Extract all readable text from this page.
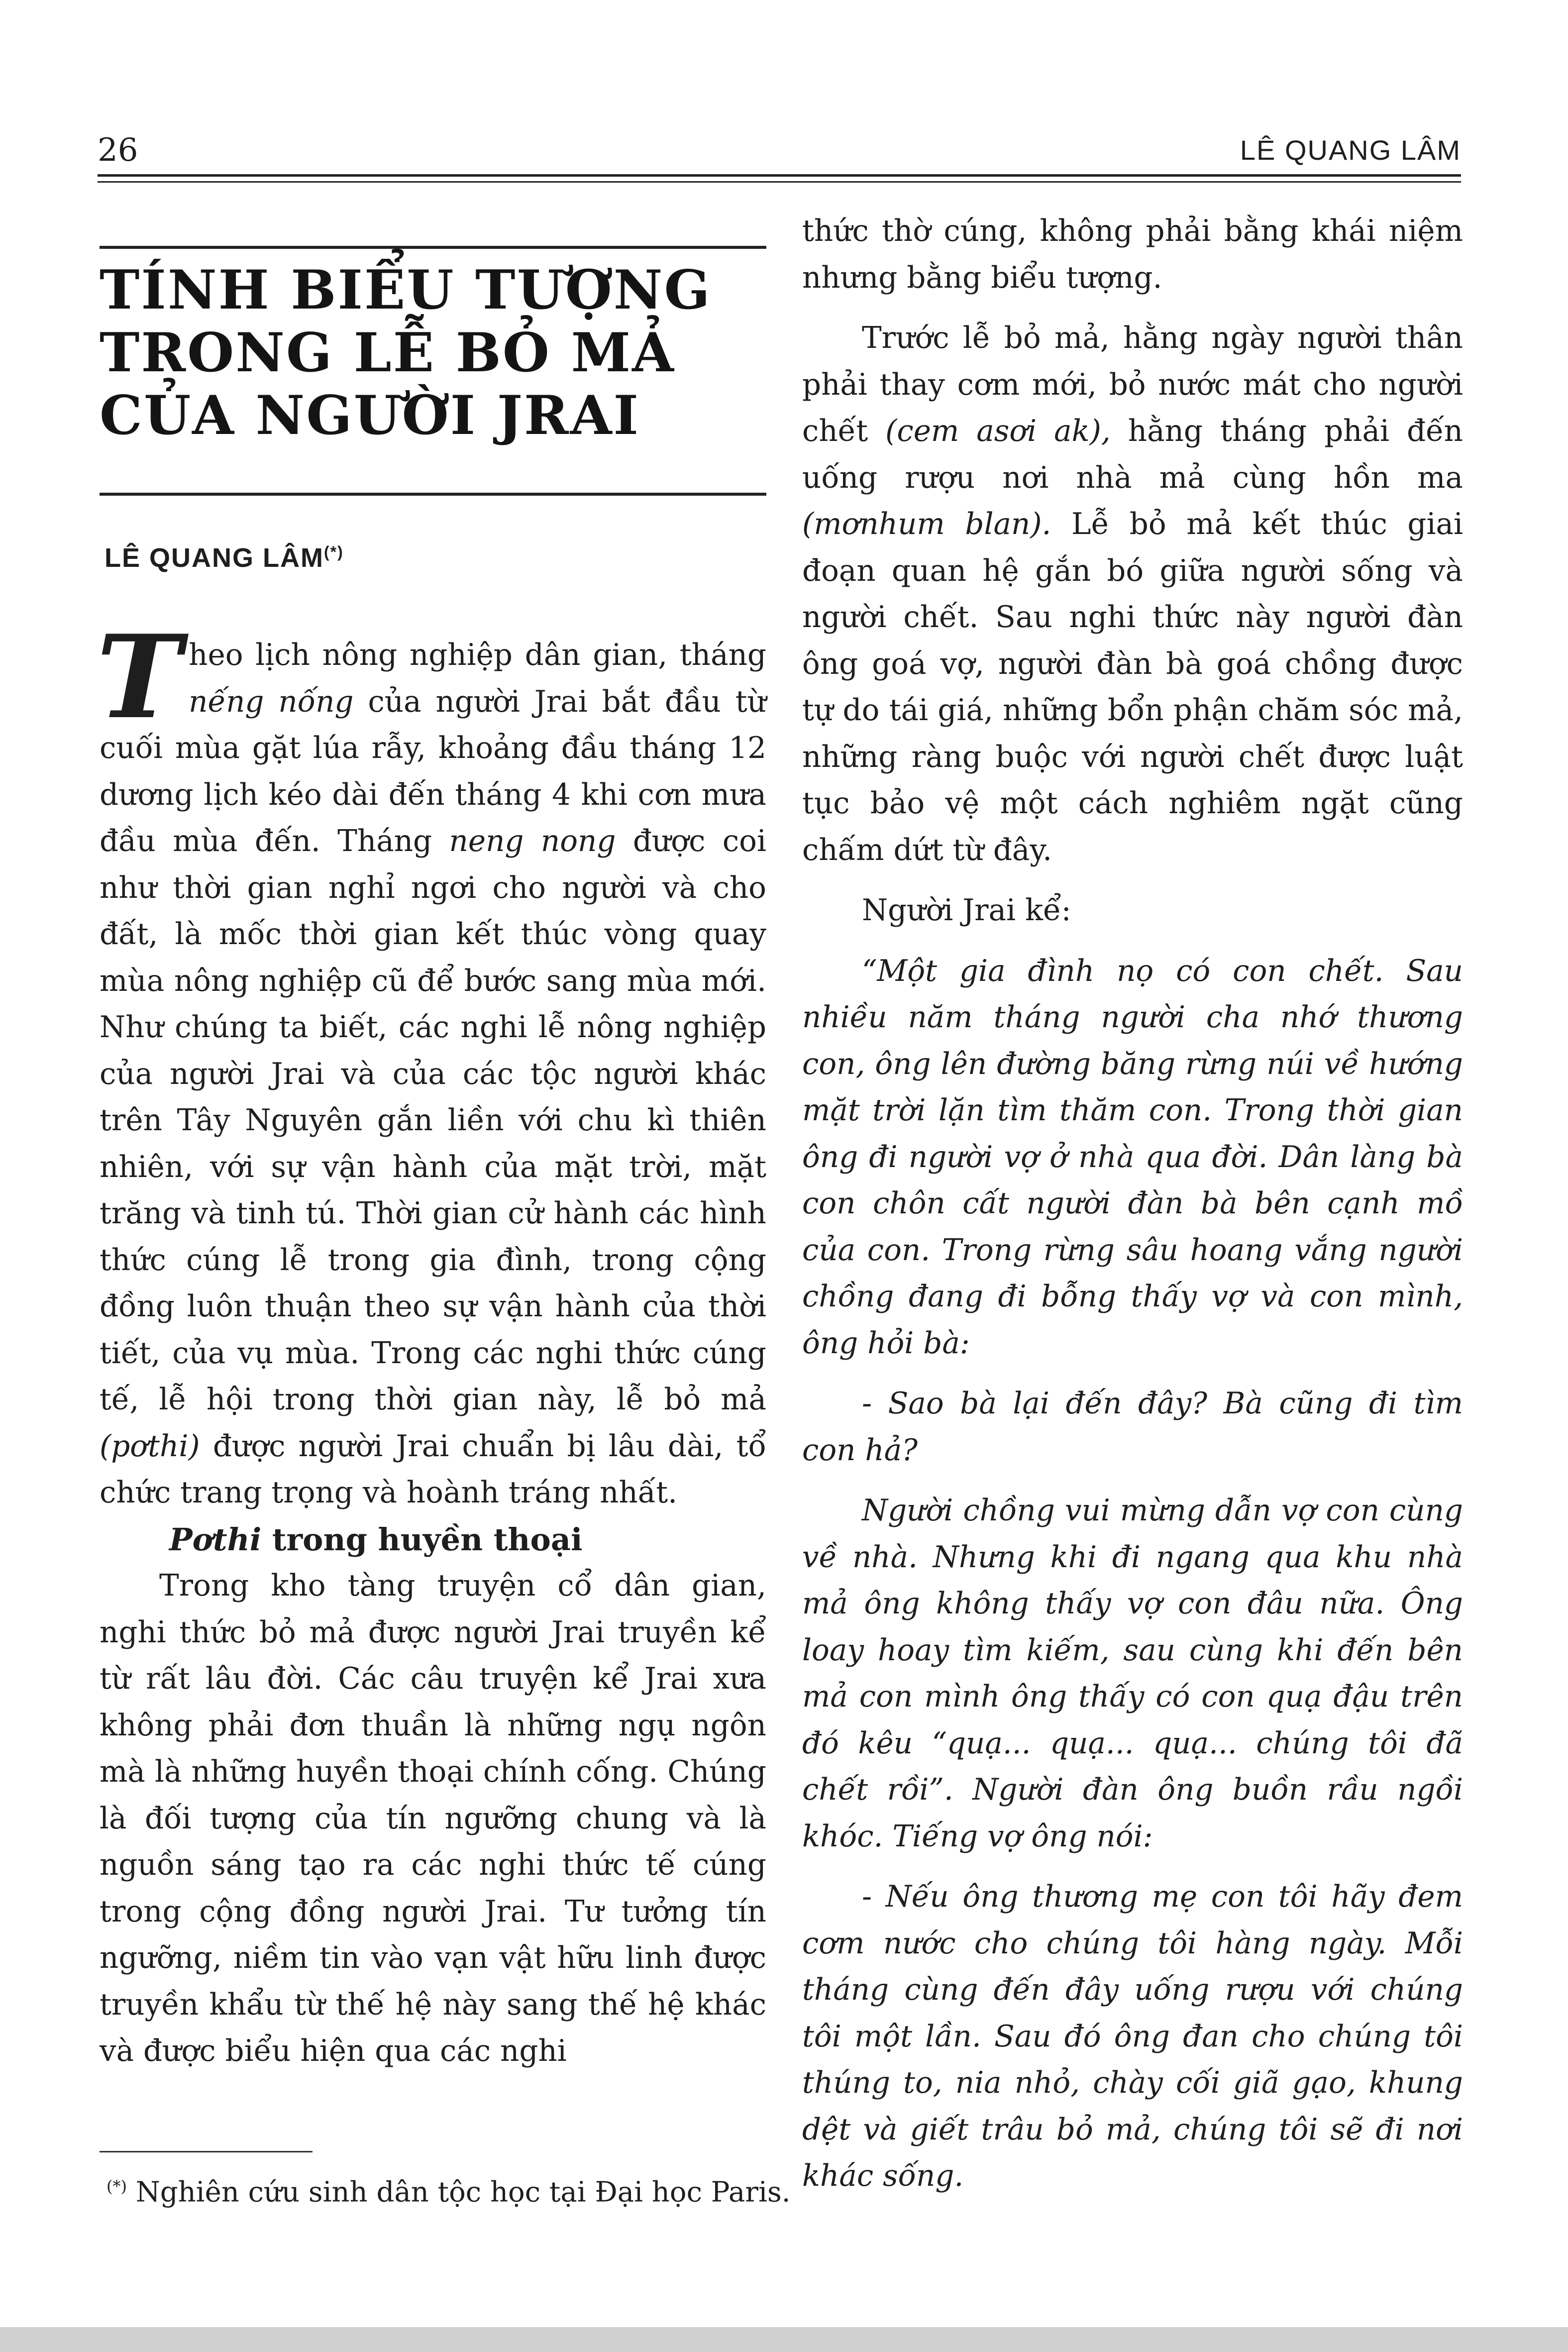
26	LÊ QUANG LÂM
TÍNH BIỂU TƯỢNG
TRONG LỄ BỎ MẢ
CỦA NGƯỜI JRAI
LÊ QUANG LÂM(*)

Theo lịch nông nghiệp dân gian, tháng nếng nống của người Jrai bắt đầu từ cuối mùa gặt lúa rẫy, khoảng đầu tháng 12 dương lịch kéo dài đến tháng 4 khi cơn mưa đầu mùa đến. Tháng neng nong được coi như thời gian nghỉ ngơi cho người và cho đất, là mốc thời gian kết thúc vòng quay mùa nông nghiệp cũ để bước sang mùa mới. Như chúng ta biết, các nghi lễ nông nghiệp của người Jrai và của các tộc người khác trên Tây Nguyên gắn liền với chu kì thiên nhiên, với sự vận hành của mặt trời, mặt trăng và tinh tú. Thời gian cử hành các hình thức cúng lễ trong gia đình, trong cộng đồng luôn thuận theo sự vận hành của thời tiết, của vụ mùa. Trong các nghi thức cúng tế, lễ hội trong thời gian này, lễ bỏ mả (pơthi) được người Jrai chuẩn bị lâu dài, tổ chức trang trọng và hoành tráng nhất.

Pơthi trong huyền thoại

Trong kho tàng truyện cổ dân gian, nghi thức bỏ mả được người Jrai truyền kể từ rất lâu đời. Các câu truyện kể Jrai xưa không phải đơn thuần là những ngụ ngôn mà là những huyền thoại chính cống. Chúng là đối tượng của tín ngưỡng chung và là nguồn sáng tạo ra các nghi thức tế cúng trong cộng đồng người Jrai. Tư tưởng tín ngưỡng, niềm tin vào vạn vật hữu linh được truyền khẩu từ thế hệ này sang thế hệ khác và được biểu hiện qua các nghi

thức thờ cúng, không phải bằng khái niệm nhưng bằng biểu tượng.

Trước lễ bỏ mả, hằng ngày người thân phải thay cơm mới, bỏ nước mát cho người chết (cem asơi ak), hằng tháng phải đến uống rượu nơi nhà mả cùng hồn ma (mơnhum blan). Lễ bỏ mả kết thúc giai đoạn quan hệ gắn bó giữa người sống và người chết. Sau nghi thức này người đàn ông goá vợ, người đàn bà goá chồng được tự do tái giá, những bổn phận chăm sóc mả, những ràng buộc với người chết được luật tục bảo vệ một cách nghiêm ngặt cũng chấm dứt từ đây.

Người Jrai kể:

“Một gia đình nọ có con chết. Sau nhiều năm tháng người cha nhớ thương con, ông lên đường băng rừng núi về hướng mặt trời lặn tìm thăm con. Trong thời gian ông đi người vợ ở nhà qua đời. Dân làng bà con chôn cất người đàn bà bên cạnh mồ của con. Trong rừng sâu hoang vắng người chồng đang đi bỗng thấy vợ và con mình, ông hỏi bà:

- Sao bà lại đến đây? Bà cũng đi tìm con hả?

Người chồng vui mừng dẫn vợ con cùng về nhà. Nhưng khi đi ngang qua khu nhà mả ông không thấy vợ con đâu nữa. Ông loay hoay tìm kiếm, sau cùng khi đến bên mả con mình ông thấy có con quạ đậu trên đó kêu “quạ... quạ... quạ... chúng tôi đã chết rồi”. Người đàn ông buồn rầu ngồi khóc. Tiếng vợ ông nói:

- Nếu ông thương mẹ con tôi hãy đem cơm nước cho chúng tôi hàng ngày. Mỗi tháng cùng đến đây uống rượu với chúng tôi một lần. Sau đó ông đan cho chúng tôi thúng to, nia nhỏ, chày cối giã gạo, khung dệt và giết trâu bỏ mả, chúng tôi sẽ đi nơi khác sống.

(*) Nghiên cứu sinh dân tộc học tại Đại học Paris.
